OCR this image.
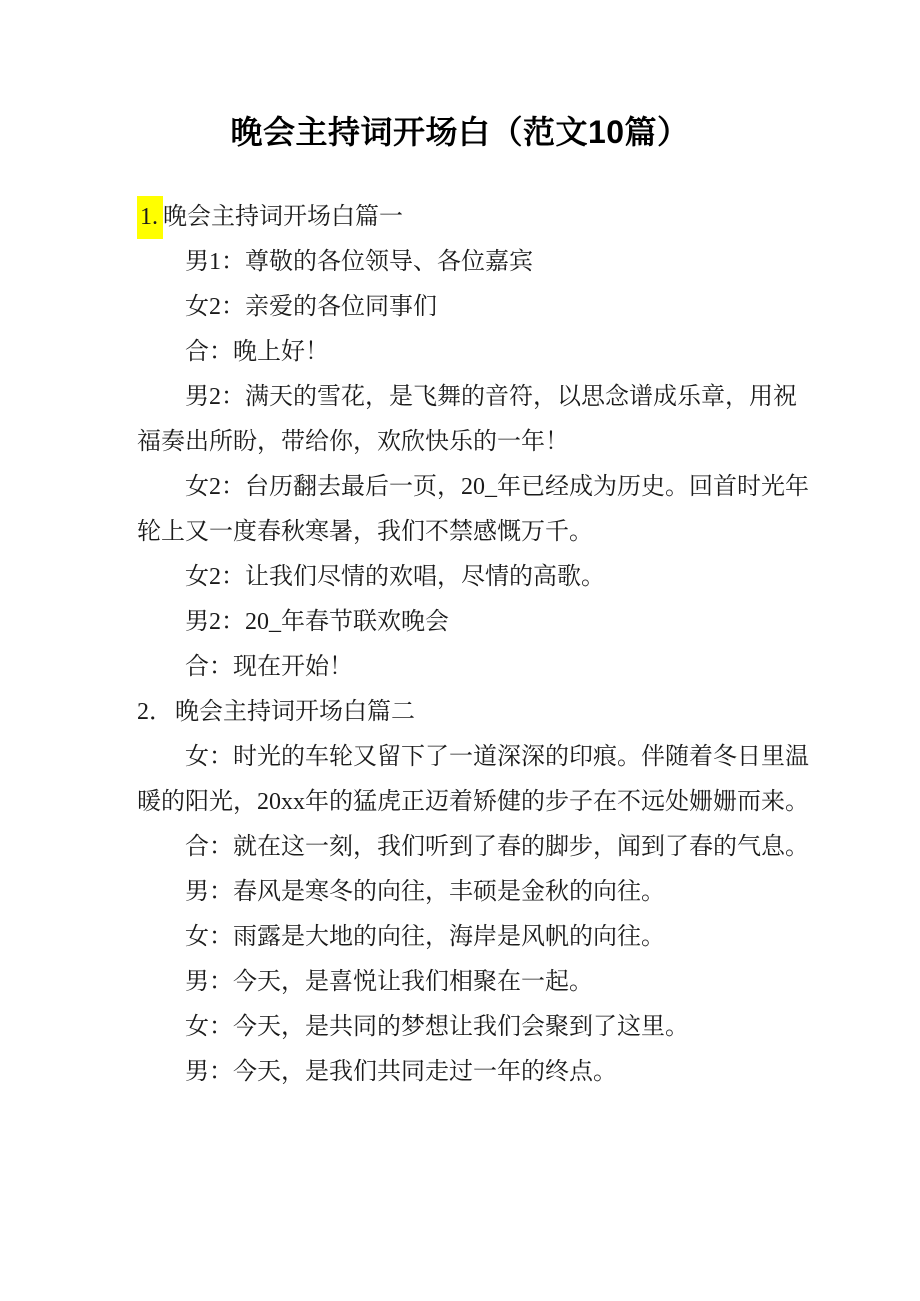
晚会主持词开场白（范文10篇）

1. 晚会主持词开场白篇一

男1：尊敬的各位领导、各位嘉宾

女2：亲爱的各位同事们

合：晚上好！

男2：满天的雪花，是飞舞的音符，以思念谱成乐章，用祝福奏出所盼，带给你，欢欣快乐的一年！

女2：台历翻去最后一页，20_年已经成为历史。回首时光年轮上又一度春秋寒暑，我们不禁感慨万千。

女2：让我们尽情的欢唱，尽情的高歌。

男2：20_年春节联欢晚会

合：现在开始！

2．晚会主持词开场白篇二

女：时光的车轮又留下了一道深深的印痕。伴随着冬日里温暖的阳光，20xx年的猛虎正迈着矫健的步子在不远处姗姗而来。

合：就在这一刻，我们听到了春的脚步，闻到了春的气息。

男：春风是寒冬的向往，丰硕是金秋的向往。

女：雨露是大地的向往，海岸是风帆的向往。

男：今天，是喜悦让我们相聚在一起。

女：今天，是共同的梦想让我们会聚到了这里。

男：今天，是我们共同走过一年的终点。
